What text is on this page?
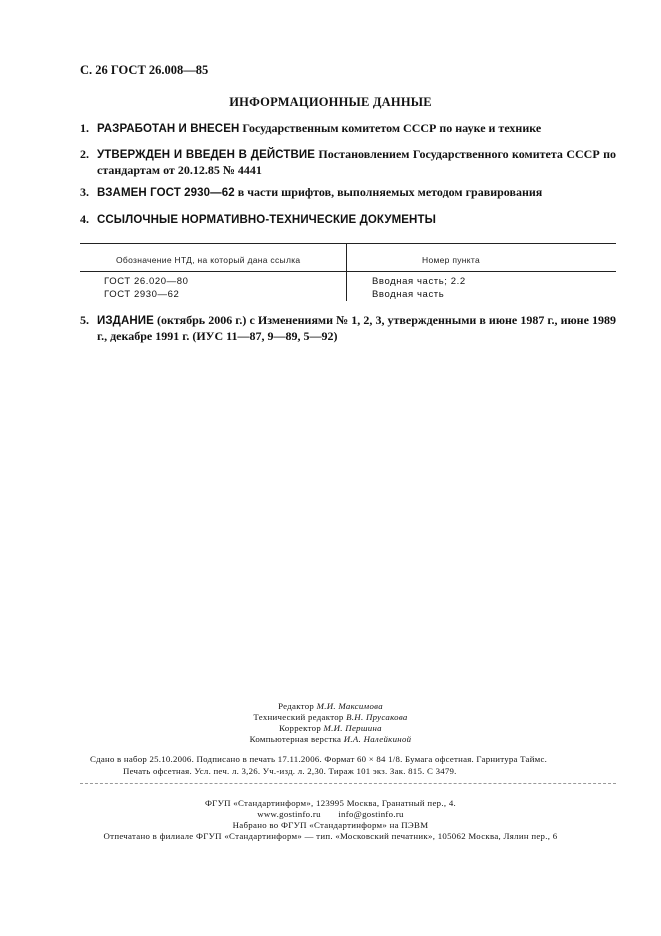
С. 26 ГОСТ 26.008—85
ИНФОРМАЦИОННЫЕ ДАННЫЕ
1. РАЗРАБОТАН И ВНЕСЕН Государственным комитетом СССР по науке и технике
2. УТВЕРЖДЕН И ВВЕДЕН В ДЕЙСТВИЕ Постановлением Государственного комитета СССР по стандартам от 20.12.85 № 4441
3. ВЗАМЕН ГОСТ 2930—62 в части шрифтов, выполняемых методом гравирования
4. ССЫЛОЧНЫЕ НОРМАТИВНО-ТЕХНИЧЕСКИЕ ДОКУМЕНТЫ
Обозначение НТД, на который дана ссылка	Номер пункта
ГОСТ 26.020—80	Вводная часть; 2.2
ГОСТ 2930—62	Вводная часть
5. ИЗДАНИЕ (октябрь 2006 г.) с Изменениями № 1, 2, 3, утвержденными в июне 1987 г., июне 1989 г., декабре 1991 г. (ИУС 11—87, 9—89, 5—92)
Редактор М.И. Максимова
Технический редактор В.Н. Прусакова
Корректор М.И. Першина
Компьютерная верстка И.А. Налейкиной
Сдано в набор 25.10.2006. Подписано в печать 17.11.2006. Формат 60 × 84 1/8. Бумага офсетная. Гарнитура Таймс.
Печать офсетная. Усл. печ. л. 3,26. Уч.-изд. л. 2,30. Тираж 101 экз. Зак. 815. С 3479.
ФГУП «Стандартинформ», 123995 Москва, Гранатный пер., 4.
www.gostinfo.ru info@gostinfo.ru
Набрано во ФГУП «Стандартинформ» на ПЭВМ
Отпечатано в филиале ФГУП «Стандартинформ» — тип. «Московский печатник», 105062 Москва, Лялин пер., 6
